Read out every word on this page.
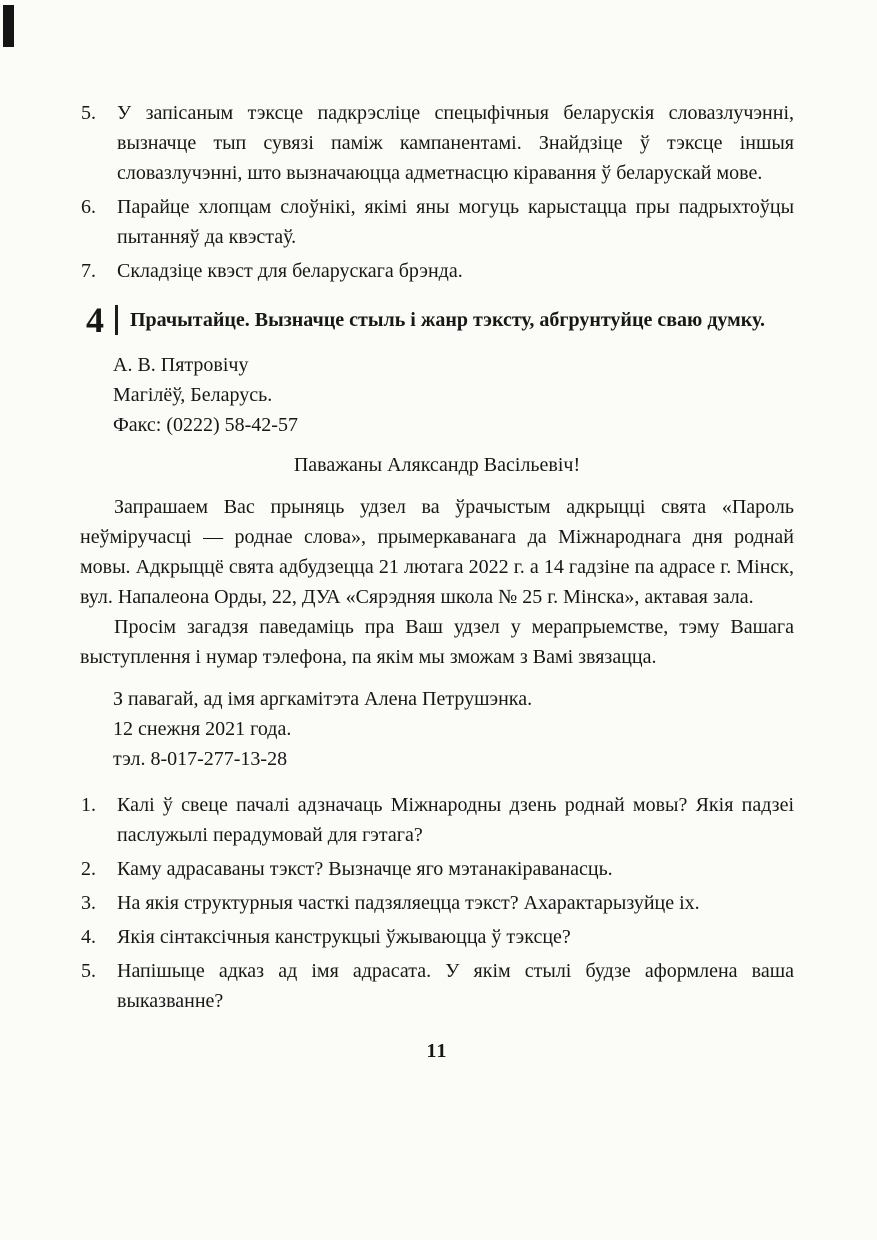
5. У запісаным тэксце падкрэсліце спецыфічныя беларускія словазлучэнні, вызначце тып сувязі паміж кампанентамі. Знайдзіце ў тэксце іншыя словазлучэнні, што вызначаюцца адметнасцю кіравання ў беларускай мове.
6. Парайце хлопцам слоўнікі, якімі яны могуць карыстацца пры падрыхтоўцы пытанняў да квэстаў.
7. Складзіце квэст для беларускага брэнда.
4	Прачытайце. Вызначце стыль і жанр тэксту, абгрунтуйце сваю думку.
А. В. Пятровічу
Магілёў, Беларусь.
Факс: (0222) 58-42-57
Паважаны Аляксандр Васільевіч!

Запрашаем Вас прыняць удзел ва ўрачыстым адкрыцці свята «Пароль неўміручасці — роднае слова», прымеркаванага да Міжнароднага дня роднай мовы. Адкрыццё свята адбудзецца 21 лютага 2022 г. а 14 гадзіне па адрасе г. Мінск, вул. Напалеона Орды, 22, ДУА «Сярэдняя школа № 25 г. Мінска», актавая зала.

Просім загадзя паведаміць пра Ваш удзел у мерапрыемстве, тэму Вашага выступлення і нумар тэлефона, па якім мы зможам з Вамі звязацца.

З павагай, ад імя аргкамітэта Алена Петрушэнка.
12 снежня 2021 года.
тэл. 8-017-277-13-28
1. Калі ў свеце пачалі адзначаць Міжнародны дзень роднай мовы? Якія падзеі паслужылі перадумовай для гэтага?
2. Каму адрасаваны тэкст? Вызначце яго мэтанакіраванасць.
3. На якія структурныя часткі падзяляецца тэкст? Ахарактарызуйце іх.
4. Якія сінтаксічныя канструкцыі ўжываюцца ў тэксце?
5. Напішыце адказ ад імя адрасата. У якім стылі будзе аформлена ваша выказванне?
11
